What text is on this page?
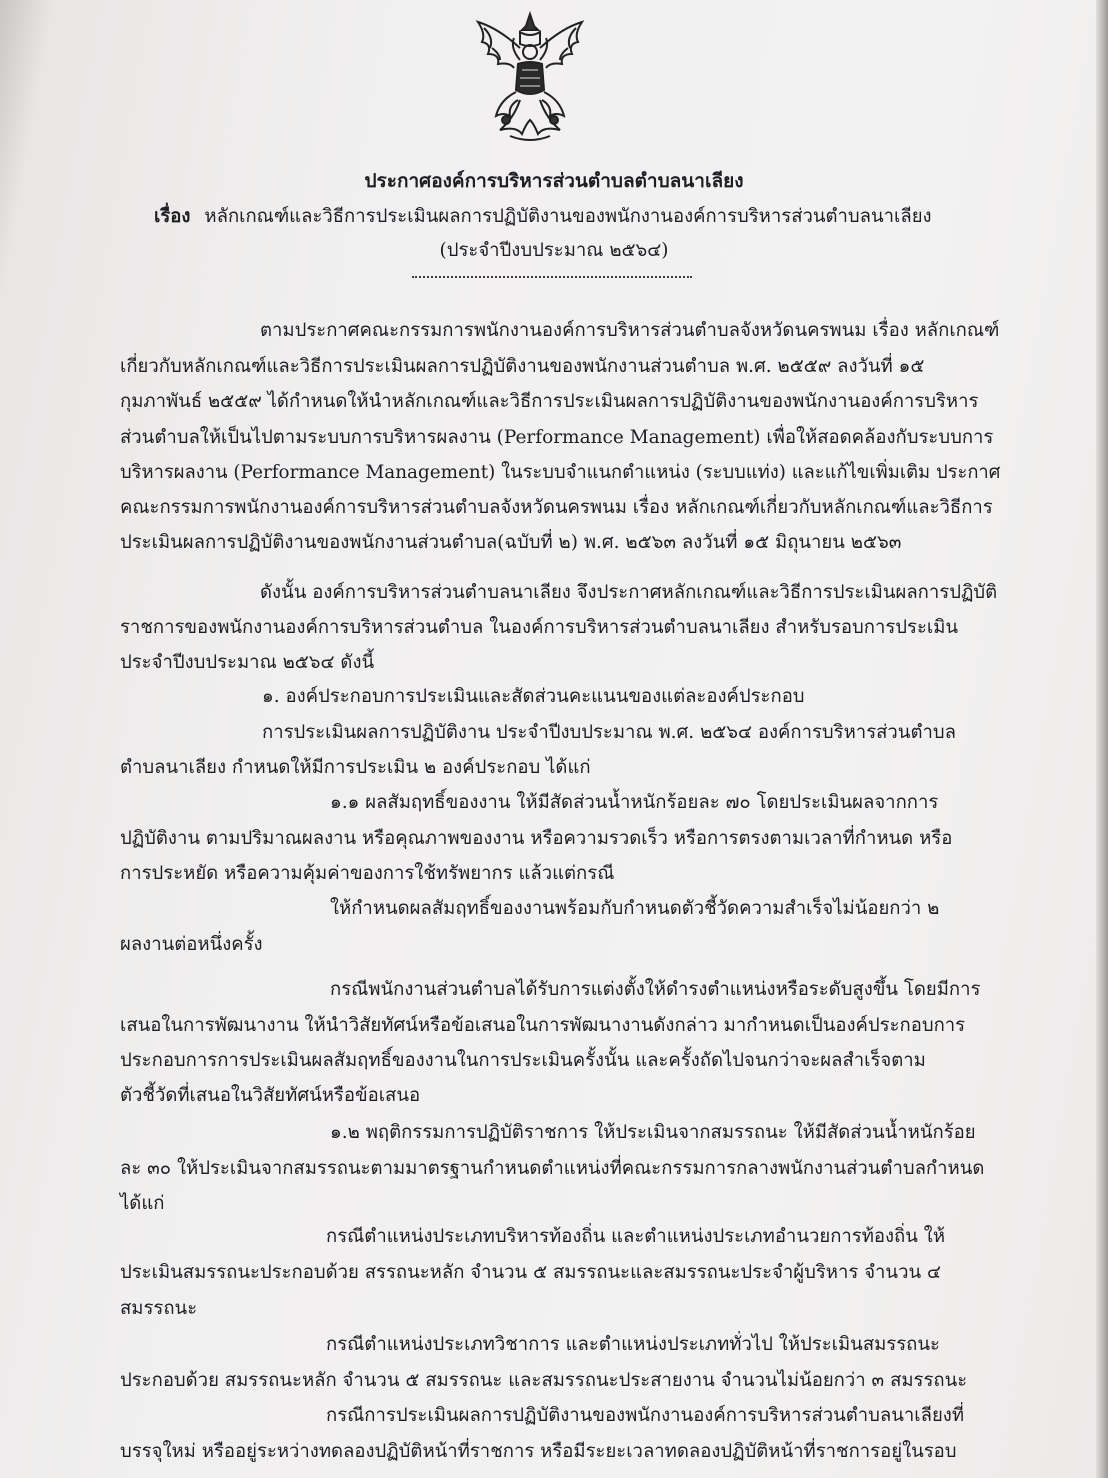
ประกาศองค์การบริหารส่วนตำบลตำบลนาเลียง
เรื่อง หลักเกณฑ์และวิธีการประเมินผลการปฏิบัติงานของพนักงานองค์การบริหารส่วนตำบลนาเลียง
(ประจำปีงบประมาณ ๒๕๖๔)
ตามประกาศคณะกรรมการพนักงานองค์การบริหารส่วนตำบลจังหวัดนครพนม เรื่อง หลักเกณฑ์
เกี่ยวกับหลักเกณฑ์และวิธีการประเมินผลการปฏิบัติงานของพนักงานส่วนตำบล พ.ศ. ๒๕๕๙ ลงวันที่ ๑๕
กุมภาพันธ์ ๒๕๕๙ ได้กำหนดให้นำหลักเกณฑ์และวิธีการประเมินผลการปฏิบัติงานของพนักงานองค์การบริหาร
ส่วนตำบลให้เป็นไปตามระบบการบริหารผลงาน (Performance Management) เพื่อให้สอดคล้องกับระบบการ
บริหารผลงาน (Performance Management) ในระบบจำแนกตำแหน่ง (ระบบแท่ง) และแก้ไขเพิ่มเติม ประกาศ
คณะกรรมการพนักงานองค์การบริหารส่วนตำบลจังหวัดนครพนม เรื่อง หลักเกณฑ์เกี่ยวกับหลักเกณฑ์และวิธีการ
ประเมินผลการปฏิบัติงานของพนักงานส่วนตำบล(ฉบับที่ ๒) พ.ศ. ๒๕๖๓ ลงวันที่ ๑๕ มิถุนายน ๒๕๖๓
ดังนั้น องค์การบริหารส่วนตำบลนาเลียง จึงประกาศหลักเกณฑ์และวิธีการประเมินผลการปฏิบัติ
ราชการของพนักงานองค์การบริหารส่วนตำบล ในองค์การบริหารส่วนตำบลนาเลียง สำหรับรอบการประเมิน
ประจำปีงบประมาณ ๒๕๖๔ ดังนี้
๑. องค์ประกอบการประเมินและสัดส่วนคะแนนของแต่ละองค์ประกอบ
การประเมินผลการปฏิบัติงาน ประจำปีงบประมาณ พ.ศ. ๒๕๖๔ องค์การบริหารส่วนตำบล
ตำบลนาเลียง กำหนดให้มีการประเมิน ๒ องค์ประกอบ ได้แก่
๑.๑ ผลสัมฤทธิ์ของงาน ให้มีสัดส่วนน้ำหนักร้อยละ ๗๐ โดยประเมินผลจากการ
ปฏิบัติงาน ตามปริมาณผลงาน หรือคุณภาพของงาน หรือความรวดเร็ว หรือการตรงตามเวลาที่กำหนด หรือ
การประหยัด หรือความคุ้มค่าของการใช้ทรัพยากร แล้วแต่กรณี
ให้กำหนดผลสัมฤทธิ์ของงานพร้อมกับกำหนดตัวชี้วัดความสำเร็จไม่น้อยกว่า ๒
ผลงานต่อหนึ่งครั้ง
กรณีพนักงานส่วนตำบลได้รับการแต่งตั้งให้ดำรงตำแหน่งหรือระดับสูงขึ้น โดยมีการ
เสนอในการพัฒนางาน ให้นำวิสัยทัศน์หรือข้อเสนอในการพัฒนางานดังกล่าว มากำหนดเป็นองค์ประกอบการ
ประกอบการการประเมินผลสัมฤทธิ์ของงานในการประเมินครั้งนั้น และครั้งถัดไปจนกว่าจะผลสำเร็จตาม
ตัวชี้วัดที่เสนอในวิสัยทัศน์หรือข้อเสนอ
๑.๒ พฤติกรรมการปฏิบัติราชการ ให้ประเมินจากสมรรถนะ ให้มีสัดส่วนน้ำหนักร้อย
ละ ๓๐ ให้ประเมินจากสมรรถนะตามมาตรฐานกำหนดตำแหน่งที่คณะกรรมการกลางพนักงานส่วนตำบลกำหนด
ได้แก่
กรณีตำแหน่งประเภทบริหารท้องถิ่น และตำแหน่งประเภทอำนวยการท้องถิ่น ให้
ประเมินสมรรถนะประกอบด้วย สรรถนะหลัก จำนวน ๕ สมรรถนะและสมรรถนะประจำผู้บริหาร จำนวน ๔
สมรรถนะ
กรณีตำแหน่งประเภทวิชาการ และตำแหน่งประเภททั่วไป ให้ประเมินสมรรถนะ
ประกอบด้วย สมรรถนะหลัก จำนวน ๕ สมรรถนะ และสมรรถนะประสายงาน จำนวนไม่น้อยกว่า ๓ สมรรถนะ
กรณีการประเมินผลการปฏิบัติงานของพนักงานองค์การบริหารส่วนตำบลนาเลียงที่
บรรจุใหม่ หรืออยู่ระหว่างทดลองปฏิบัติหน้าที่ราชการ หรือมีระยะเวลาทดลองปฏิบัติหน้าที่ราชการอยู่ในรอบ
